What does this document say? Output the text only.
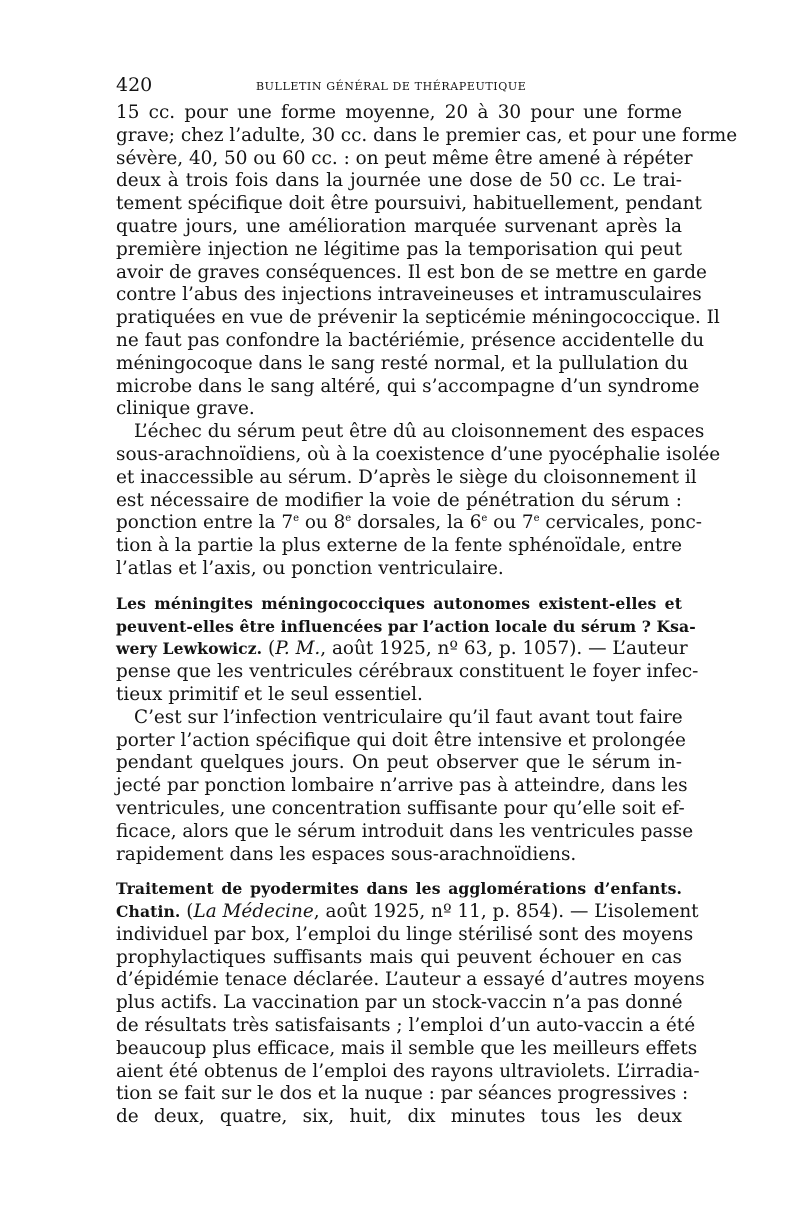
420	BULLETIN GÉNÉRAL DE THÉRAPEUTIQUE
15 cc. pour une forme moyenne, 20 à 30 pour une forme
grave; chez l’adulte, 30 cc. dans le premier cas, et pour une forme
sévère, 40, 50 ou 60 cc. : on peut même être amené à répéter
deux à trois fois dans la journée une dose de 50 cc. Le trai-
tement spécifique doit être poursuivi, habituellement, pendant
quatre jours, une amélioration marquée survenant après la
première injection ne légitime pas la temporisation qui peut
avoir de graves conséquences. Il est bon de se mettre en garde
contre l’abus des injections intraveineuses et intramusculaires
pratiquées en vue de prévenir la septicémie méningococcique. Il
ne faut pas confondre la bactériémie, présence accidentelle du
méningocoque dans le sang resté normal, et la pullulation du
microbe dans le sang altéré, qui s’accompagne d’un syndrome
clinique grave.
L’échec du sérum peut être dû au cloisonnement des espaces
sous-arachnoïdiens, où à la coexistence d’une pyocéphalie isolée
et inaccessible au sérum. D’après le siège du cloisonnement il
est nécessaire de modifier la voie de pénétration du sérum :
ponction entre la 7e ou 8e dorsales, la 6e ou 7e cervicales, ponc-
tion à la partie la plus externe de la fente sphénoïdale, entre
l’atlas et l’axis, ou ponction ventriculaire.
Les méningites méningococciques autonomes existent-elles et
peuvent-elles être influencées par l’action locale du sérum ? Ksa-
wery Lewkowicz. (P. M., août 1925, nº 63, p. 1057). — L’auteur
pense que les ventricules cérébraux constituent le foyer infec-
tieux primitif et le seul essentiel.
C’est sur l’infection ventriculaire qu’il faut avant tout faire
porter l’action spécifique qui doit être intensive et prolongée
pendant quelques jours. On peut observer que le sérum in-
jecté par ponction lombaire n’arrive pas à atteindre, dans les
ventricules, une concentration suffisante pour qu’elle soit ef-
ficace, alors que le sérum introduit dans les ventricules passe
rapidement dans les espaces sous-arachnoïdiens.
Traitement de pyodermites dans les agglomérations d’enfants.
Chatin. (La Médecine, août 1925, nº 11, p. 854). — L’isolement
individuel par box, l’emploi du linge stérilisé sont des moyens
prophylactiques suffisants mais qui peuvent échouer en cas
d’épidémie tenace déclarée. L’auteur a essayé d’autres moyens
plus actifs. La vaccination par un stock-vaccin n’a pas donné
de résultats très satisfaisants ; l’emploi d’un auto-vaccin a été
beaucoup plus efficace, mais il semble que les meilleurs effets
aient été obtenus de l’emploi des rayons ultraviolets. L’irradia-
tion se fait sur le dos et la nuque : par séances progressives :
de deux, quatre, six, huit, dix minutes tous les deux
